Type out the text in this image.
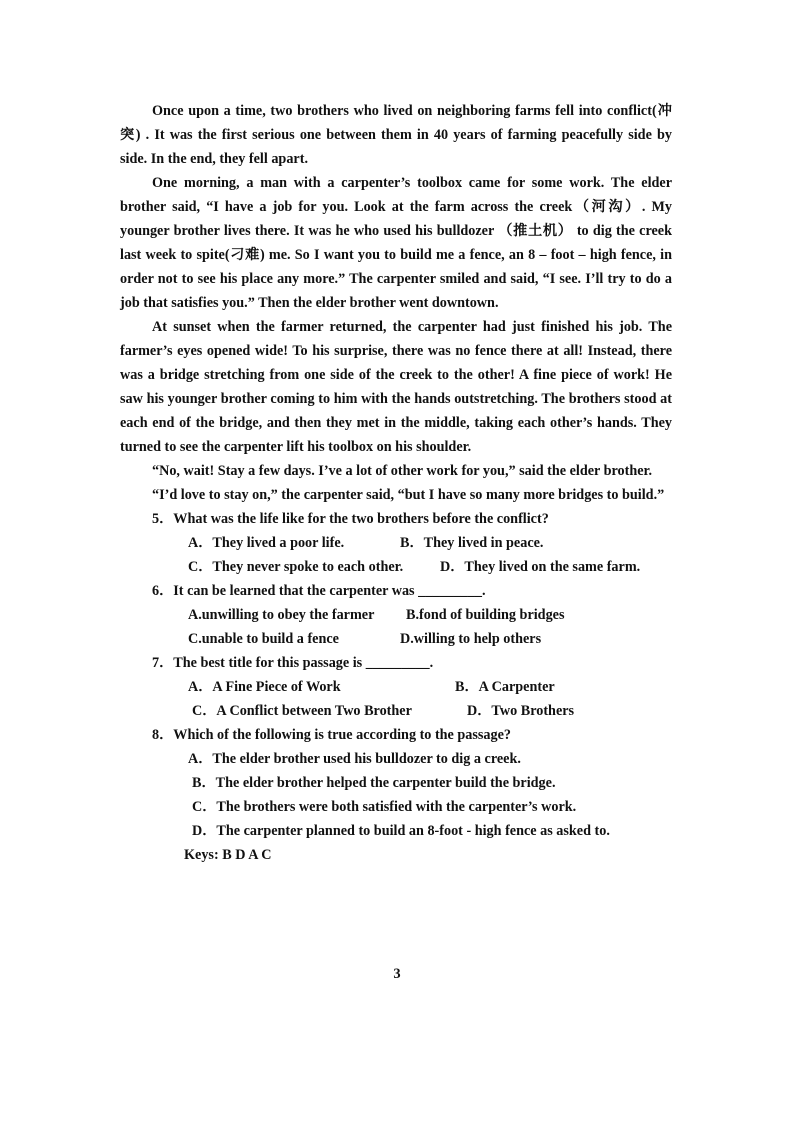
Once upon a time, two brothers who lived on neighboring farms fell into conflict(冲突) . It was the first serious one between them in 40 years of farming peacefully side by side. In the end, they fell apart.

One morning, a man with a carpenter’s toolbox came for some work. The elder brother said, “I have a job for you. Look at the farm across the creek（河沟）. My younger brother lives there. It was he who used his bulldozer （推土机） to dig the creek last week to spite(刁难) me. So I want you to build me a fence, an 8 – foot – high fence, in order not to see his place any more.” The carpenter smiled and said, “I see. I’ll try to do a job that satisfies you.” Then the elder brother went downtown.

At sunset when the farmer returned, the carpenter had just finished his job. The farmer’s eyes opened wide! To his surprise, there was no fence there at all! Instead, there was a bridge stretching from one side of the creek to the other! A fine piece of work! He saw his younger brother coming to him with the hands outstretching. The brothers stood at each end of the bridge, and then they met in the middle, taking each other’s hands. They turned to see the carpenter lift his toolbox on his shoulder.

“No, wait! Stay a few days. I’ve a lot of other work for you,” said the elder brother.

“I’d love to stay on,” the carpenter said, “but I have so many more bridges to build.”

5．What was the life like for the two brothers before the conflict?

A．They lived a poor life.	B．They lived in peace.

C．They never spoke to each other.	D．They lived on the same farm.

6．It can be learned that the carpenter was _________.

A.unwilling to obey the farmer B.fond of building bridges

C.unable to build a fence	D.willing to help others

7．The best title for this passage is _________.

A．A Fine Piece of Work	B．A Carpenter

C．A Conflict between Two Brother	D．Two Brothers

8．Which of the following is true according to the passage?

A．The elder brother used his bulldozer to dig a creek.

B．The elder brother helped the carpenter build the bridge.

C．The brothers were both satisfied with the carpenter’s work.

D．The carpenter planned to build an 8-foot - high fence as asked to.

Keys: B D A C

3
